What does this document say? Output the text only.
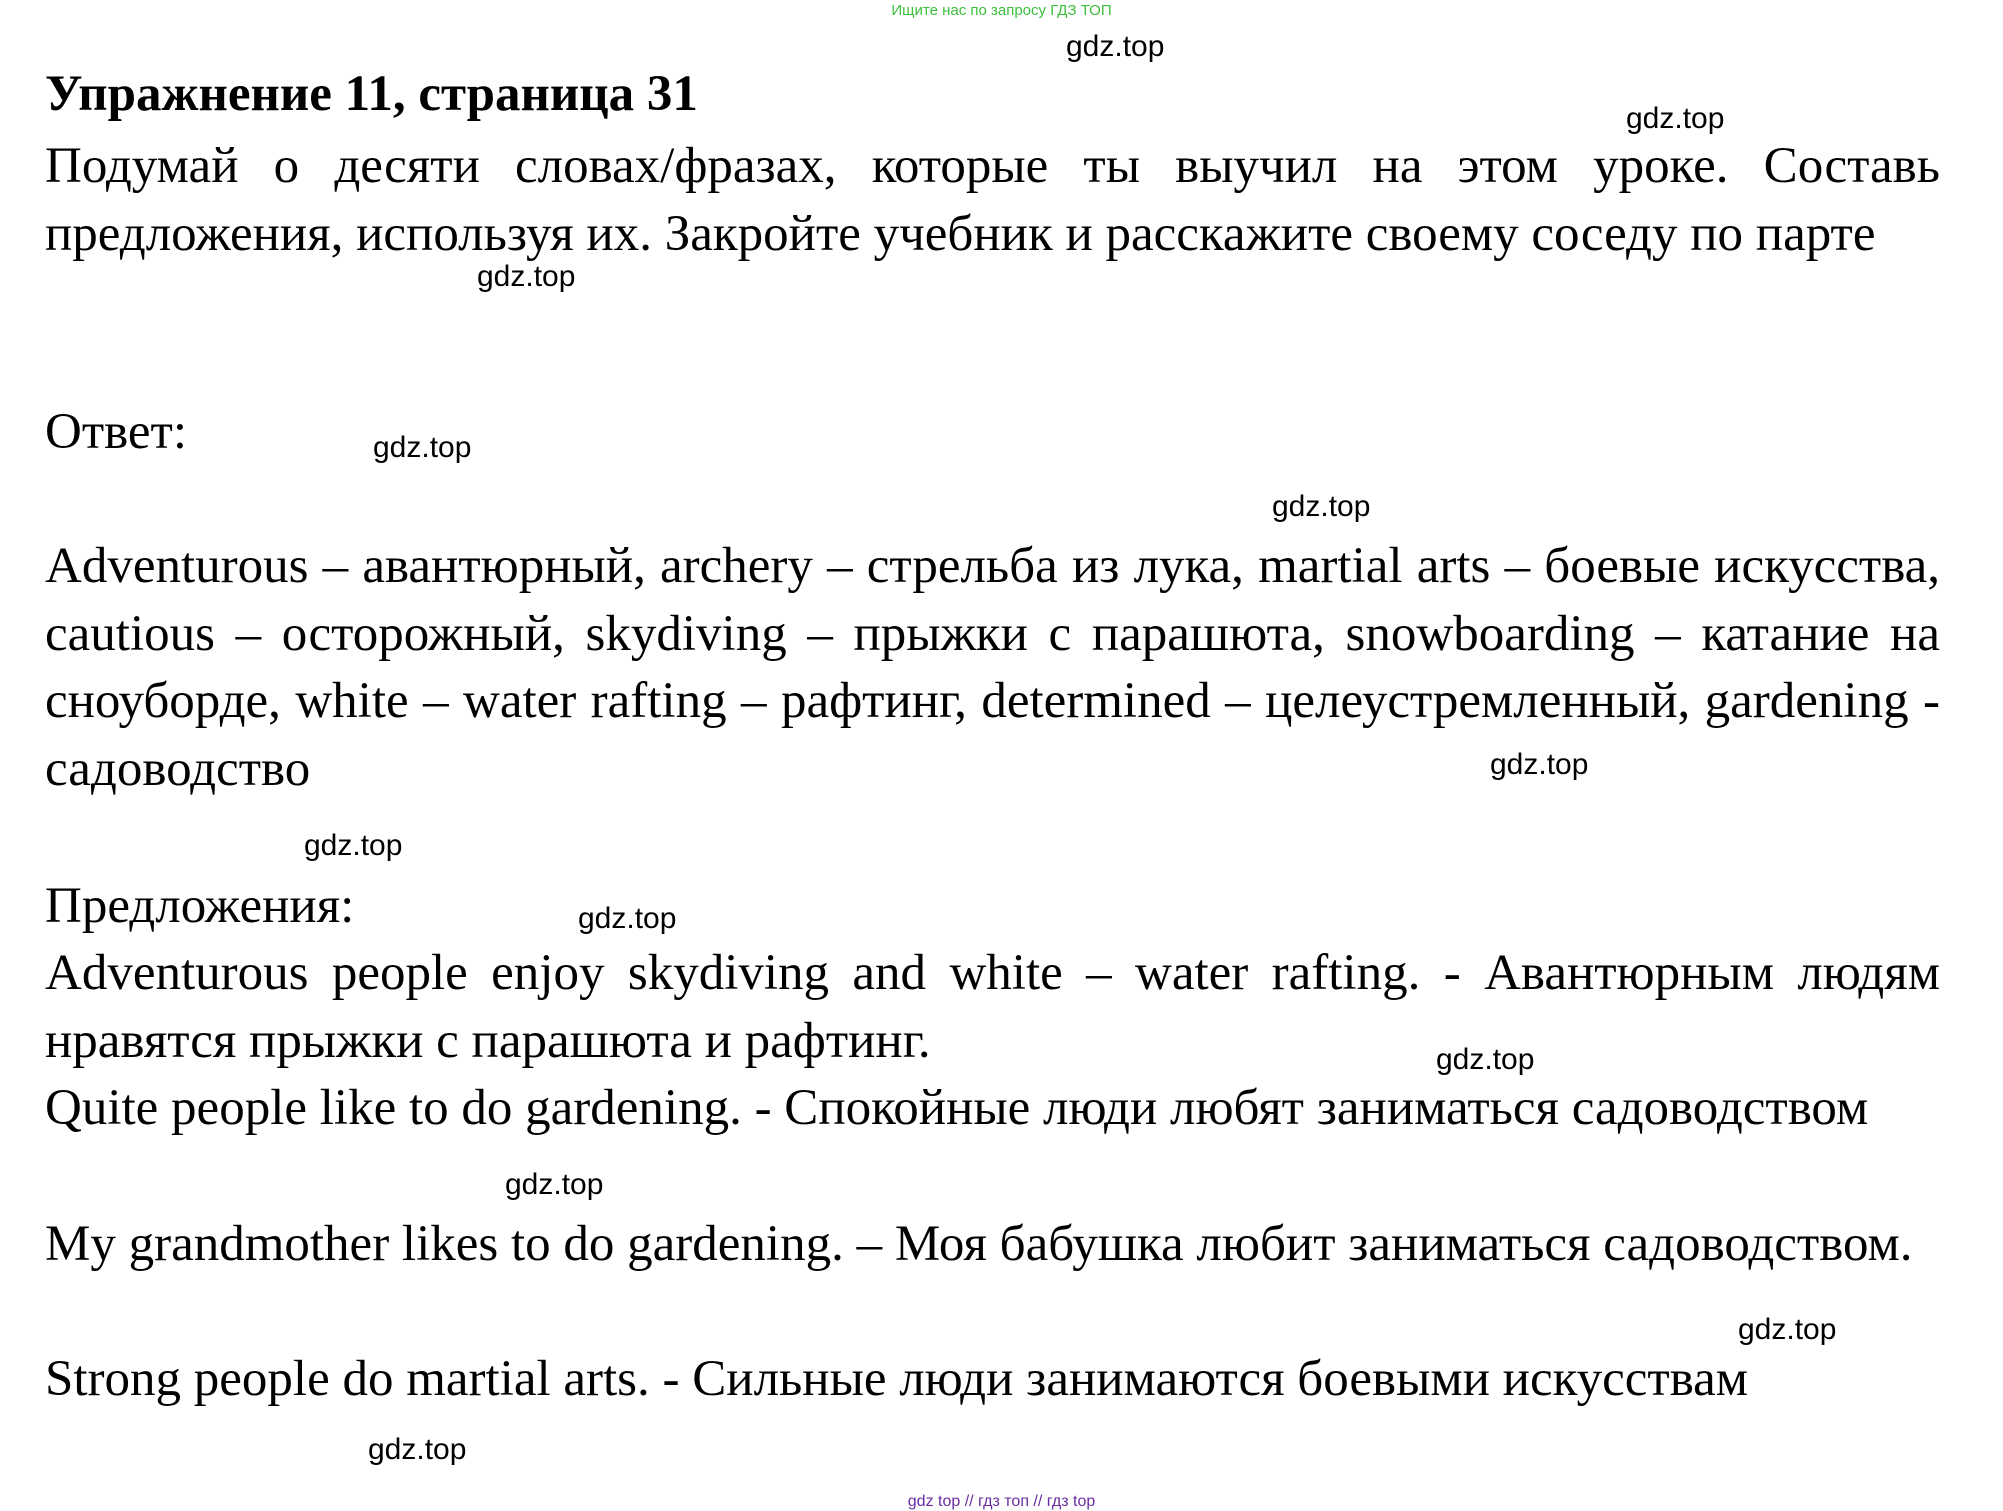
Ищите нас по запросу ГДЗ ТОП
Упражнение 11, страница 31

Подумай о десяти словах/фразах, которые ты выучил на этом уроке. Составь предложения, используя их. Закройте учебник и расскажите своему соседу по парте

Ответ:

Adventurous – авантюрный, archery – стрельба из лука, martial arts – боевые искусства, cautious – осторожный, skydiving – прыжки с парашюта, snowboarding – катание на сноуборде, white – water rafting – рафтинг, determined – целеустремленный, gardening - садоводство

Предложения:

Adventurous people enjoy skydiving and white – water rafting. - Авантюрным людям нравятся прыжки с парашюта и рафтинг.

Quite people like to do gardening. - Спокойные люди любят заниматься садоводством

My grandmother likes to do gardening. – Моя бабушка любит заниматься садоводством.

Strong people do martial arts. - Сильные люди занимаются боевыми искусствам

gdz.top
gdz.top
gdz.top
gdz.top
gdz.top
gdz.top
gdz.top
gdz.top
gdz.top
gdz.top
gdz.top
gdz.top
gdz top // гдз топ // гдз top
